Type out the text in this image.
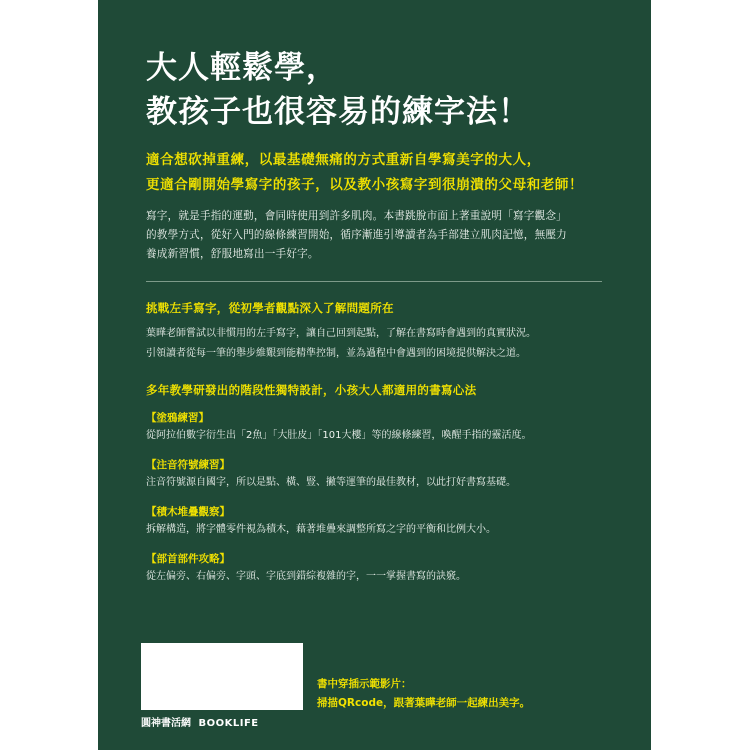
大人輕鬆學，
教孩子也很容易的練字法！
適合想砍掉重練，以最基礎無痛的方式重新自學寫美字的大人，
更適合剛開始學寫字的孩子，以及教小孩寫字到很崩潰的父母和老師！
寫字，就是手指的運動，會同時使用到許多肌肉。本書跳脫市面上著重說明「寫字觀念」
的教學方式，從好入門的線條練習開始，循序漸進引導讀者為手部建立肌肉記憶，無壓力
養成新習慣，舒服地寫出一手好字。
挑戰左手寫字，從初學者觀點深入了解問題所在
葉曄老師嘗試以非慣用的左手寫字，讓自己回到起點，了解在書寫時會遇到的真實狀況。
引領讀者從每一筆的舉步維艱到能精準控制，並為過程中會遇到的困境提供解決之道。
多年教學研發出的階段性獨特設計，小孩大人都適用的書寫心法
【塗鴉練習】
從阿拉伯數字衍生出「2魚」「大肚皮」「101大樓」等的線條練習，喚醒手指的靈活度。
【注音符號練習】
注音符號源自國字，所以是點、橫、豎、撇等運筆的最佳教材，以此打好書寫基礎。
【積木堆疊觀察】
拆解構造，將字體零件視為積木，藉著堆疊來調整所寫之字的平衡和比例大小。
【部首部件攻略】
從左偏旁、右偏旁、字頭、字底到錯綜複雜的字，一一掌握書寫的訣竅。
圓神書活網 BOOKLIFE
書中穿插示範影片：
掃描QRcode，跟著葉曄老師一起練出美字。
